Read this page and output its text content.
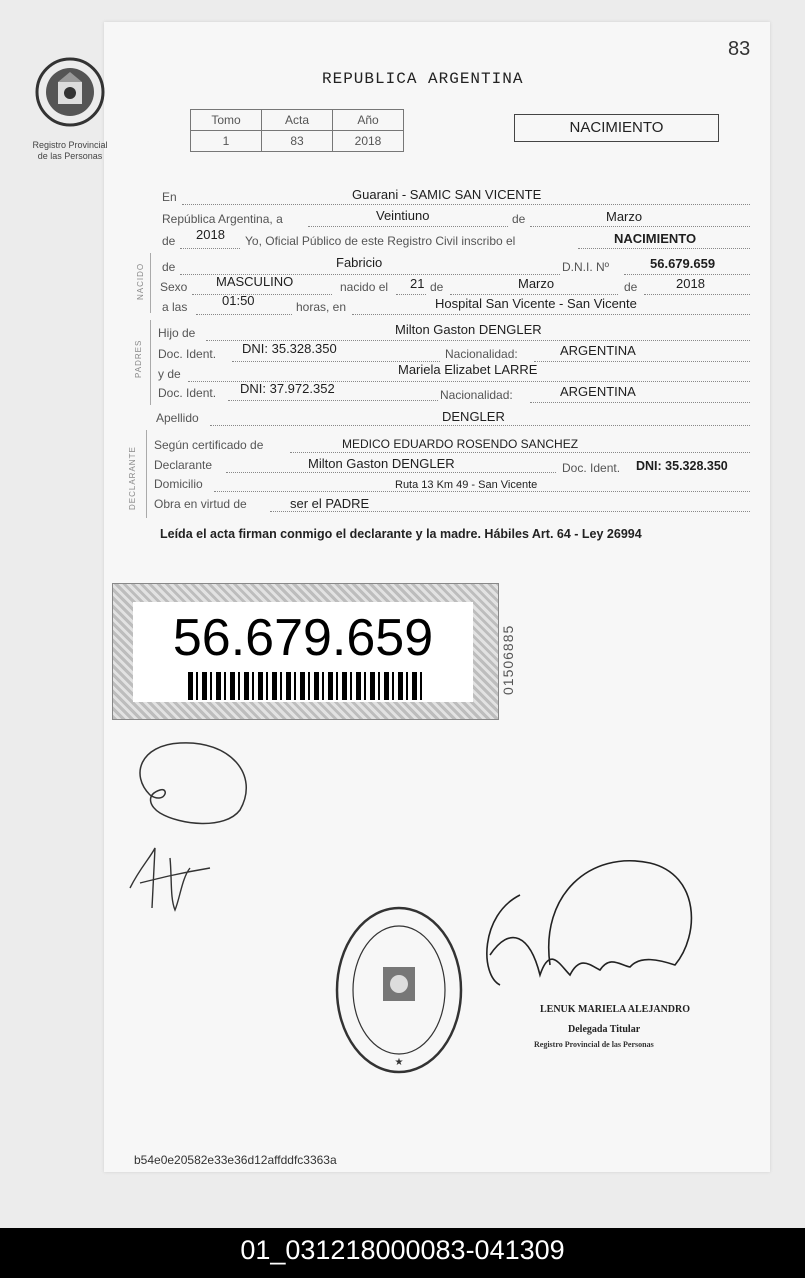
Registro Provincial
de las Personas
83
REPUBLICA ARGENTINA
Tomo	Acta	Año
1	83	2018
NACIMIENTO
NACIDO
PADRES
DECLARANTE
En	Guarani - SAMIC SAN VICENTE
República Argentina, a	Veintiuno	de	Marzo
de 2018 Yo, Oficial Público de este Registro Civil inscribo el	NACIMIENTO
de	Fabricio	D.N.I. Nº	56.679.659
Sexo MASCULINO	nacido el 21 de	Marzo	de	2018
a las	01:50	horas, en	Hospital San Vicente - San Vicente
Hijo de	Milton Gaston DENGLER
Doc. Ident. DNI: 35.328.350	Nacionalidad:	ARGENTINA
y de	Mariela Elizabet LARRE
Doc. Ident. DNI: 37.972.352	Nacionalidad:	ARGENTINA
Apellido	DENGLER
Según certificado de	MEDICO EDUARDO ROSENDO SANCHEZ
Declarante	Milton Gaston DENGLER	Doc. Ident. DNI: 35.328.350
Domicilio	Ruta 13 Km 49 - San Vicente
Obra en virtud de	ser el PADRE
Leída el acta firman conmigo el declarante y la madre. Hábiles Art. 64 - Ley 26994
56.679.659	01506885
★
LENUK MARIELA ALEJANDRO
Delegada Titular
Registro Provincial de las Personas
b54e0e20582e33e36d12affddfc3363a
01_031218000083-041309
